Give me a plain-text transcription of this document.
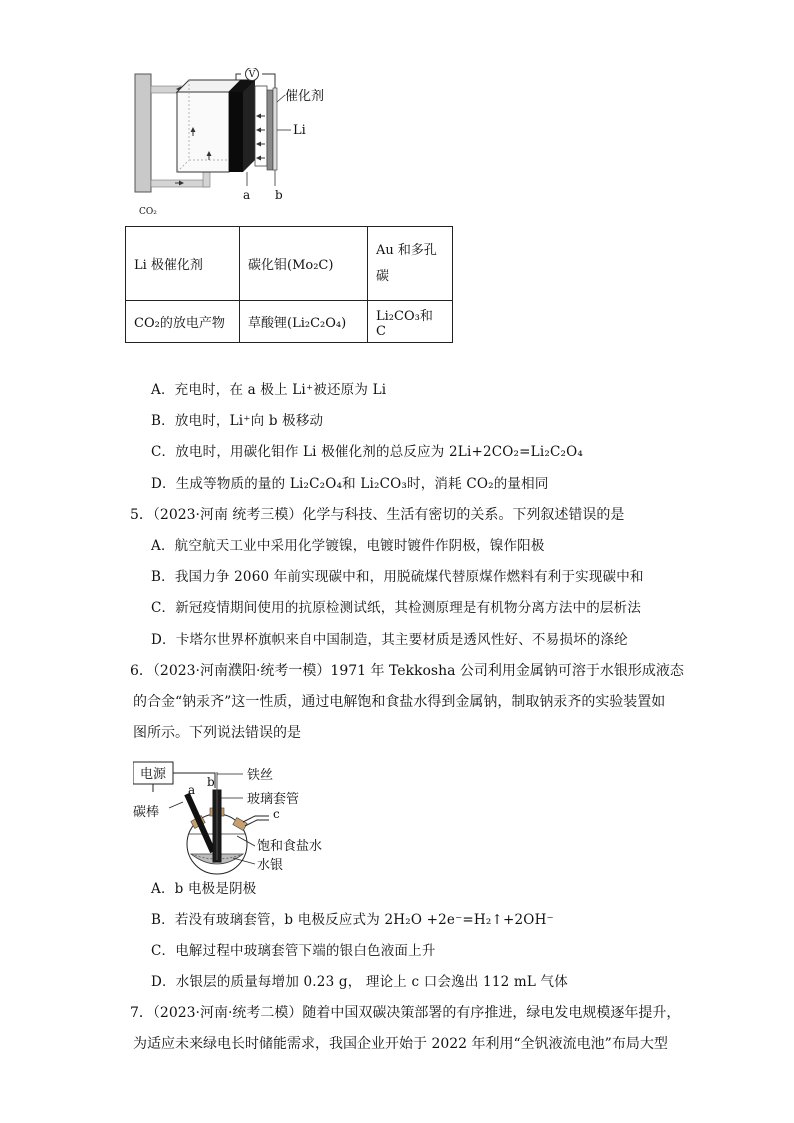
V
催化剂
Li
a b
CO₂
Li 极催化剂	碳化钼(Mo₂C)	Au 和多孔
碳
CO₂的放电产物	草酸锂(Li₂C₂O₄)	Li₂CO₃和 C
A．充电时，在 a 极上 Li⁺被还原为 Li
B．放电时，Li⁺向 b 极移动
C．放电时，用碳化钼作 Li 极催化剂的总反应为 2Li+2CO₂=Li₂C₂O₄
D．生成等物质的量的 Li₂C₂O₄和 Li₂CO₃时，消耗 CO₂的量相同
5．（2023·河南 统考三模）化学与科技、生活有密切的关系。下列叙述错误的是
A．航空航天工业中采用化学镀镍，电镀时镀件作阴极，镍作阳极
B．我国力争 2060 年前实现碳中和，用脱硫煤代替原煤作燃料有利于实现碳中和
C．新冠疫情期间使用的抗原检测试纸，其检测原理是有机物分离方法中的层析法
D．卡塔尔世界杯旗帜来自中国制造，其主要材质是透风性好、不易损坏的涤纶
6．（2023·河南濮阳·统考一模）1971 年 Tekkosha 公司利用金属钠可溶于水银形成液态
的合金“钠汞齐”这一性质，通过电解饱和食盐水得到金属钠，制取钠汞齐的实验装置如
图所示。下列说法错误的是
电源	b
a
c
铁丝
玻璃套管
碳棒
饱和食盐水
水银
A．b 电极是阴极
B．若没有玻璃套管，b 电极反应式为 2H₂O +2e⁻=H₂↑+2OH⁻
C．电解过程中玻璃套管下端的银白色液面上升
D．水银层的质量每增加 0.23 g， 理论上 c 口会逸出 112 mL 气体
7．（2023·河南·统考二模）随着中国双碳决策部署的有序推进，绿电发电规模逐年提升，
为适应未来绿电长时储能需求，我国企业开始于 2022 年利用“全钒液流电池”布局大型
